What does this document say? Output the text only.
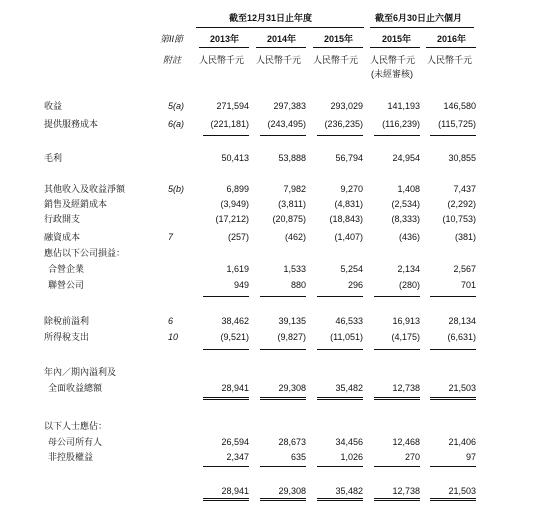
截至12月31日止年度	截至6月30日止六個月
第II節
附註
2013年	2014年	2015年	2015年	2016年
人民幣千元 人民幣千元 人民幣千元 人民幣千元 人民幣千元
(未經審核)
收益	5(a)	271,594	297,383	293,029	141,193	146,580
提供服務成本	6(a)	(221,181)	(243,495)	(236,235)	(116,239)	(115,725)
毛利	50,413	53,888	56,794	24,954	30,855
其他收入及收益淨額	5(b)	6,899	7,982	9,270	1,408	7,437
銷售及經銷成本	(3,949)	(3,811)	(4,831)	(2,534)	(2,292)
行政開支	(17,212)	(20,875)	(18,843)	(8,333)	(10,753)
融資成本	7	(257)	(462)	(1,407)	(436)	(381)
應佔以下公司損益：
合營企業	1,619	1,533	5,254	2,134	2,567
聯營公司	949	880	296	(280)	701
除稅前溢利	6	38,462	39,135	46,533	16,913	28,134
所得稅支出	10	(9,521)	(9,827)	(11,051)	(4,175)	(6,631)
年內／期內溢利及
全面收益總額	28,941	29,308	35,482	12,738	21,503
以下人士應佔：
母公司所有人	26,594	28,673	34,456	12,468	21,406
非控股權益	2,347	635	1,026	270	97
28,941	29,308	35,482	12,738	21,503
